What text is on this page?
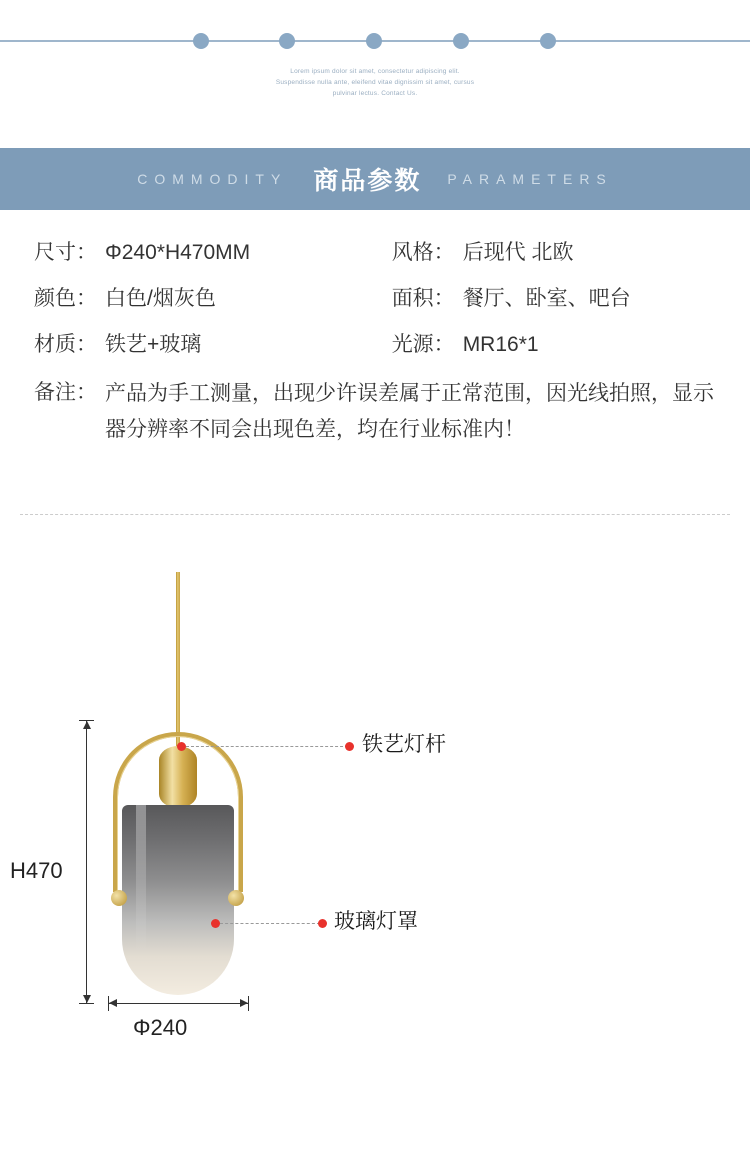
Lorem ipsum dolor sit amet, consectetur adipiscing elit.
Suspendisse nulla ante, eleifend vitae dignissim sit amet, cursus
pulvinar lectus. Contact Us.
COMMODITY 商品参数 PARAMETERS
尺寸： Φ240*H470MM	风格： 后现代 北欧
颜色： 白色/烟灰色	面积： 餐厅、卧室、吧台
材质： 铁艺+玻璃	光源： MR16*1
备注： 产品为手工测量，出现少许误差属于正常范围，因光线拍照，显示器分辨率不同会出现色差，均在行业标准内！
H470
Φ240
铁艺灯杆
玻璃灯罩
